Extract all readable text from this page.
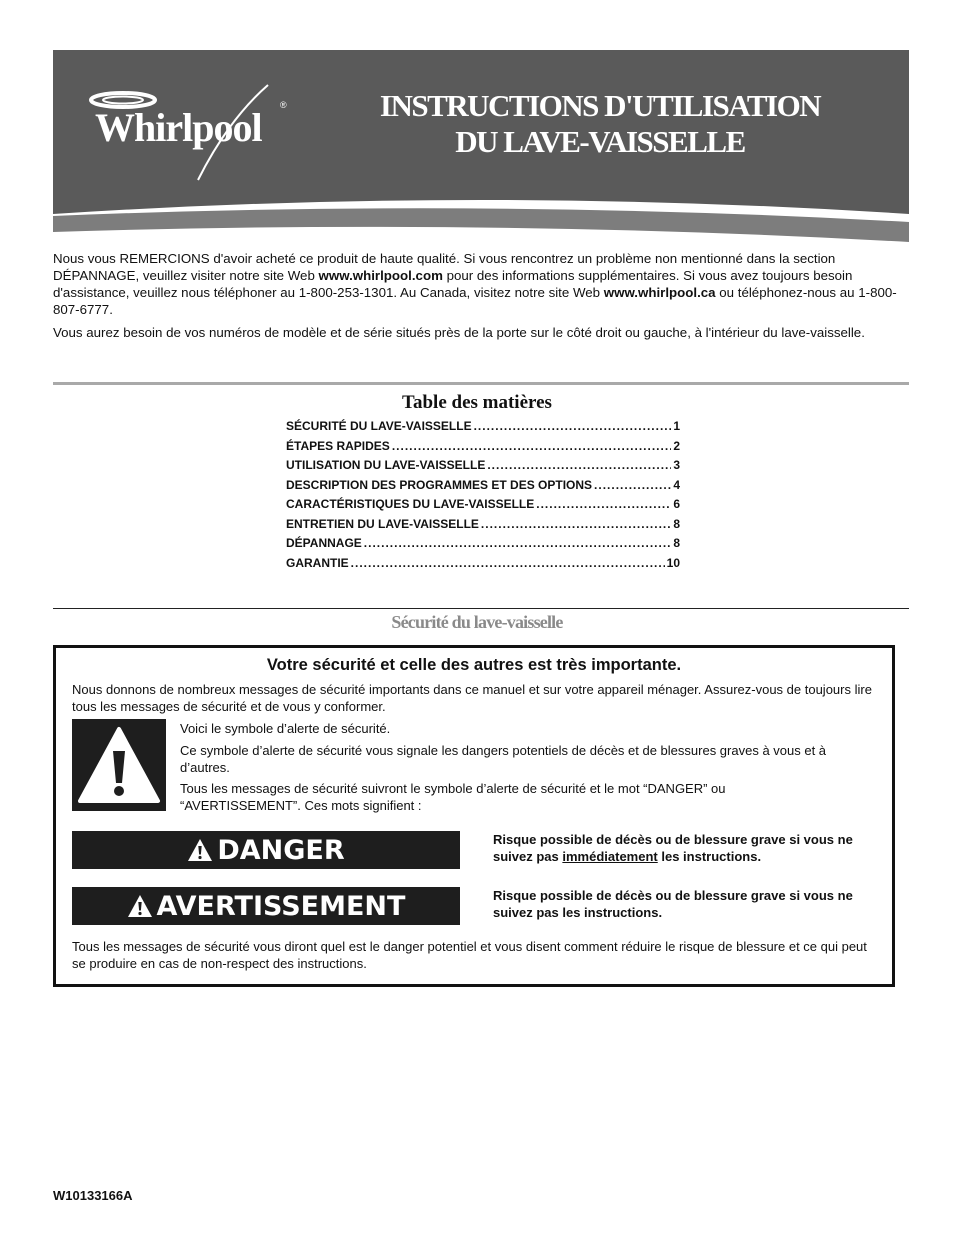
Whirlpool ®	INSTRUCTIONS D'UTILISATION
DU LAVE-VAISSELLE

Nous vous REMERCIONS d'avoir acheté ce produit de haute qualité. Si vous rencontrez un problème non mentionné dans la section DÉPANNAGE, veuillez visiter notre site Web www.whirlpool.com pour des informations supplémentaires. Si vous avez toujours besoin d'assistance, veuillez nous téléphoner au 1-800-253-1301. Au Canada, visitez notre site Web www.whirlpool.ca ou téléphonez-nous au 1-800-807-6777.

Vous aurez besoin de vos numéros de modèle et de série situés près de la porte sur le côté droit ou gauche, à l'intérieur du lave-vaisselle.

Table des matières
SÉCURITÉ DU LAVE-VAISSELLE .....	1
ÉTAPES RAPIDES .....	2
UTILISATION DU LAVE-VAISSELLE .....	3
DESCRIPTION DES PROGRAMMES ET DES OPTIONS .....	4
CARACTÉRISTIQUES DU LAVE-VAISSELLE .....	6
ENTRETIEN DU LAVE-VAISSELLE .....	8
DÉPANNAGE .....	8
GARANTIE .....	10
Sécurité du lave-vaisselle
Votre sécurité et celle des autres est très importante.
Nous donnons de nombreux messages de sécurité importants dans ce manuel et sur votre appareil ménager. Assurez-vous de toujours lire tous les messages de sécurité et de vous y conformer.
Voici le symbole d’alerte de sécurité.
Ce symbole d’alerte de sécurité vous signale les dangers potentiels de décès et de blessures graves à vous et à d’autres.
Tous les messages de sécurité suivront le symbole d’alerte de sécurité et le mot “DANGER” ou “AVERTISSEMENT”. Ces mots signifient :
DANGER	Risque possible de décès ou de blessure grave si vous ne suivez pas immédiatement les instructions.
AVERTISSEMENT	Risque possible de décès ou de blessure grave si vous ne suivez pas les instructions.
Tous les messages de sécurité vous diront quel est le danger potentiel et vous disent comment réduire le risque de blessure et ce qui peut se produire en cas de non-respect des instructions.
W10133166A
